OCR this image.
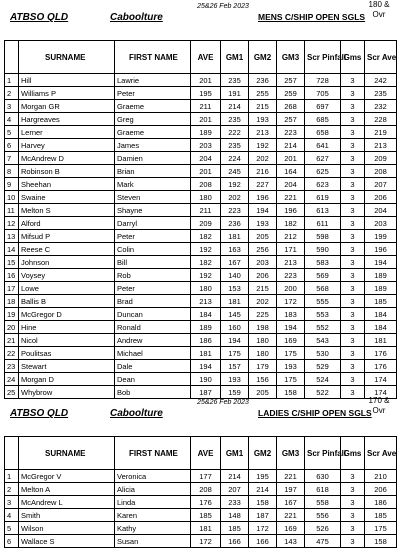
ATBSO QLD	Caboolture
25&26 Feb 2023
MENS C/SHIP OPEN SGLS
180 & Ovr
	SURNAME	FIRST NAME	AVE	GM1	GM2	GM3	Scr Pinfall	Gms	Scr Ave
1	Hill	Lawrie	201	235	236	257	728	3	242
2	Williams P	Peter	195	191	255	259	705	3	235
3	Morgan GR	Graeme	211	214	215	268	697	3	232
4	Hargreaves	Greg	201	235	193	257	685	3	228
5	Lerner	Graeme	189	222	213	223	658	3	219
6	Harvey	James	203	235	192	214	641	3	213
7	McAndrew D	Damien	204	224	202	201	627	3	209
8	Robinson B	Brian	201	245	216	164	625	3	208
9	Sheehan	Mark	208	192	227	204	623	3	207
10	Swaine	Steven	180	202	196	221	619	3	206
11	Melton S	Shayne	211	223	194	196	613	3	204
12	Alford	Darryl	209	236	193	182	611	3	203
13	Mifsud P	Peter	182	181	205	212	598	3	199
14	Reese C	Colin	192	163	256	171	590	3	196
15	Johnson	Bill	182	167	203	213	583	3	194
16	Voysey	Rob	192	140	206	223	569	3	189
17	Lowe	Peter	180	153	215	200	568	3	189
18	Ballis B	Brad	213	181	202	172	555	3	185
19	McGregor D	Duncan	184	145	225	183	553	3	184
20	Hine	Ronald	189	160	198	194	552	3	184
21	Nicol	Andrew	186	194	180	169	543	3	181
22	Poulitsas	Michael	181	175	180	175	530	3	176
23	Stewart	Dale	194	157	179	193	529	3	176
24	Morgan D	Dean	190	193	156	175	524	3	174
25	Whybrow	Bob	187	159	205	158	522	3	174
ATBSO QLD	Caboolture
25&26 Feb 2023
LADIES C/SHIP OPEN SGLS
170 & Ovr
	SURNAME	FIRST NAME	AVE	GM1	GM2	GM3	Scr Pinfall	Gms	Scr Ave
1	McGregor V	Veronica	177	214	195	221	630	3	210
2	Melton A	Alicia	208	207	214	197	618	3	206
3	McAndrew L	Linda	176	233	158	167	558	3	186
4	Smith	Karen	185	148	187	221	556	3	185
5	Wilson	Kathy	181	185	172	169	526	3	175
6	Wallace S	Susan	172	166	166	143	475	3	158
